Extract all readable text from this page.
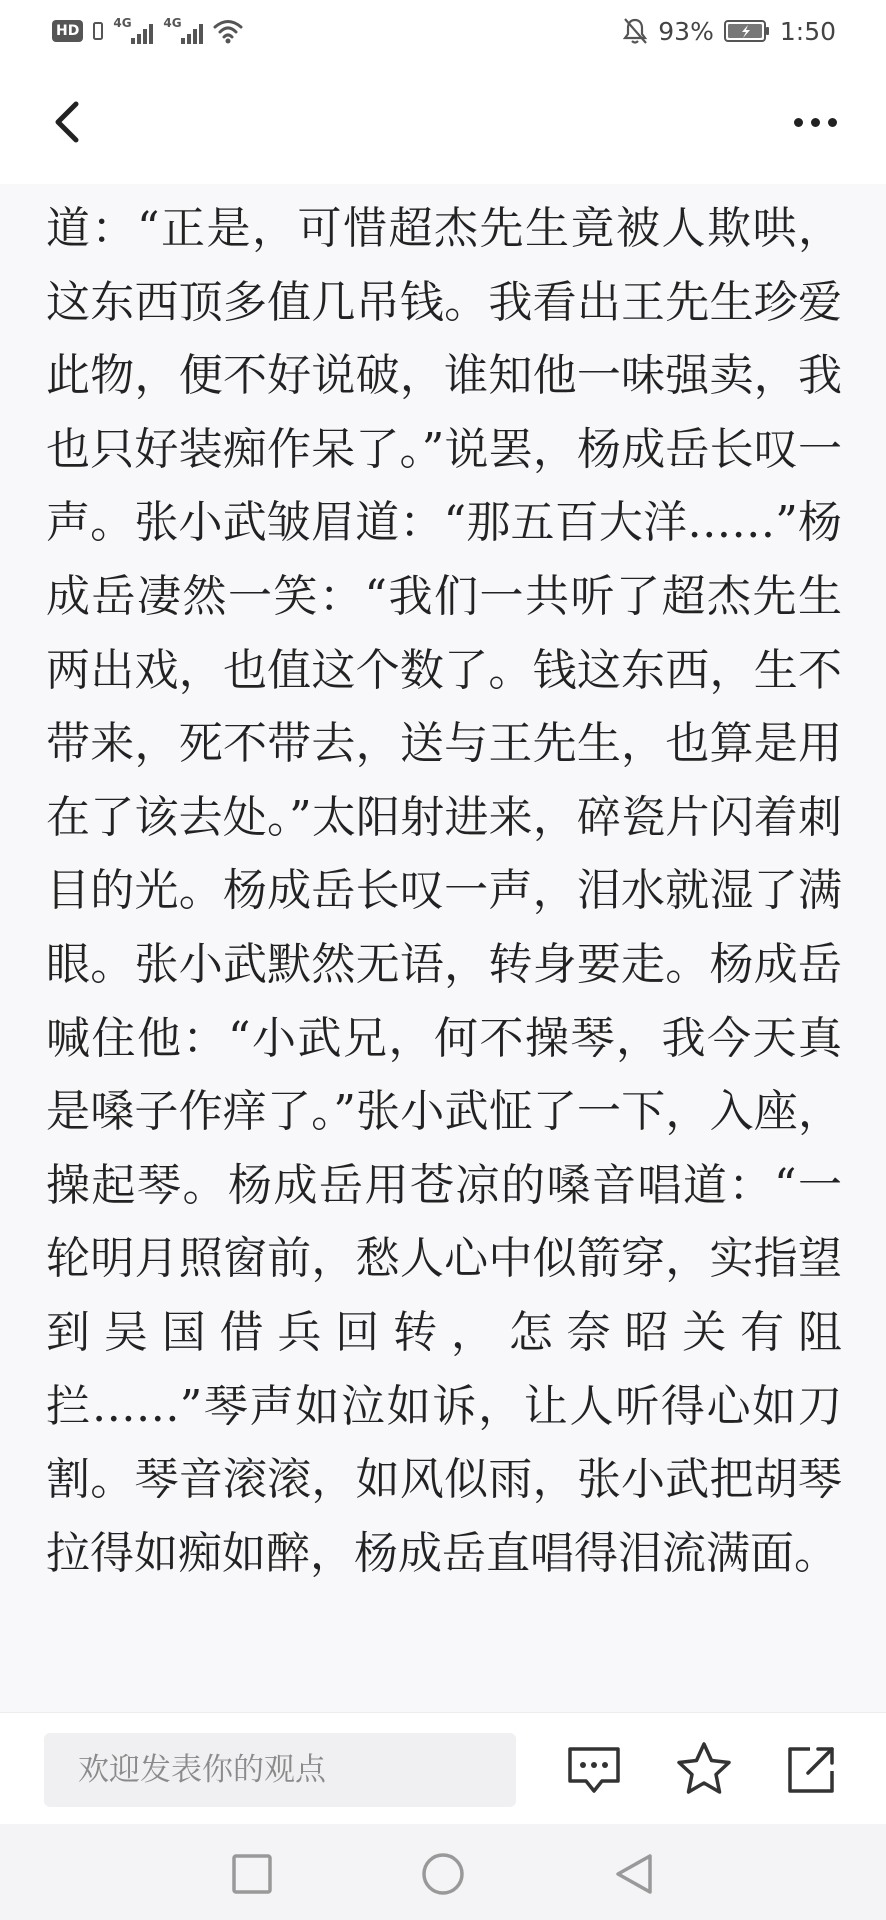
HD	4G	4G	93%	1:50

道：“正是，可惜超杰先生竟被人欺哄，这东西顶多值几吊钱。我看出王先生珍爱此物，便不好说破，谁知他一味强卖，我也只好装痴作呆了。”说罢，杨成岳长叹一声。张小武皱眉道：“那五百大洋……”杨成岳凄然一笑：“我们一共听了超杰先生两出戏，也值这个数了。钱这东西，生不带来，死不带去，送与王先生，也算是用在了该去处。”太阳射进来，碎瓷片闪着刺目的光。杨成岳长叹一声，泪水就湿了满眼。张小武默然无语，转身要走。杨成岳喊住他：“小武兄，何不操琴，我今天真是嗓子作痒了。”张小武怔了一下，入座，操起琴。杨成岳用苍凉的嗓音唱道：“一轮明月照窗前，愁人心中似箭穿，实指望到吴国借兵回转，怎奈昭关有阻拦……”琴声如泣如诉，让人听得心如刀割。琴音滚滚，如风似雨，张小武把胡琴拉得如痴如醉，杨成岳直唱得泪流满面。

欢迎发表你的观点
